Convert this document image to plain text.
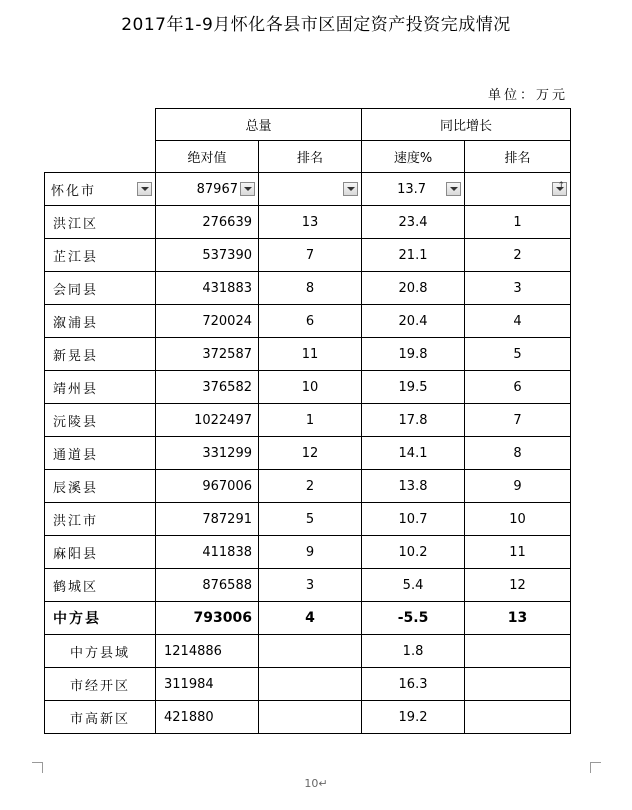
2017年1-9月怀化各县市区固定资产投资完成情况
单位：万元
	总量		同比增长	
	绝对值	排名	速度%	排名

怀化市	87967		13.7

↑

洪江区	276639	13	23.4	1
芷江县	537390	7	21.1	2
会同县	431883	8	20.8	3
溆浦县	720024	6	20.4	4
新晃县	372587	11	19.8	5
靖州县	376582	10	19.5	6
沅陵县	1022497	1	17.8	7
通道县	331299	12	14.1	8
辰溪县	967006	2	13.8	9
洪江市	787291	5	10.7	10
麻阳县	411838	9	10.2	11
鹤城区	876588	3	5.4	12
中方县	793006	4	-5.5	13
中方县域	1214886		1.8	
市经开区	311984		16.3	
市高新区	421880		19.2	
10↵
